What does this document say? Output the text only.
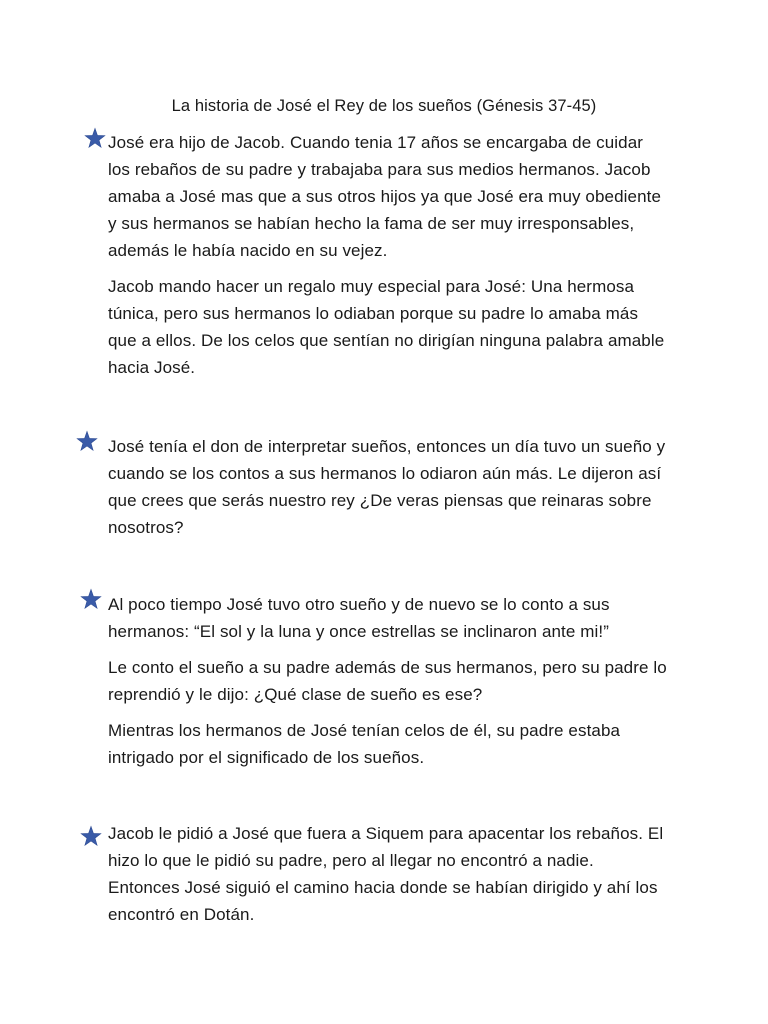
La historia de José el Rey de los sueños (Génesis 37-45)

José era hijo de Jacob. Cuando tenia 17 años se encargaba de cuidar los rebaños de su padre y trabajaba para sus medios hermanos. Jacob amaba a José mas que a sus otros hijos ya que José era muy obediente y sus hermanos se habían hecho la fama de ser muy irresponsables, además le había nacido en su vejez.

Jacob mando hacer un regalo muy especial para José: Una hermosa túnica, pero sus hermanos lo odiaban porque su padre lo amaba más que a ellos. De los celos que sentían no dirigían ninguna palabra amable hacia José.

José tenía el don de interpretar sueños, entonces un día tuvo un sueño y cuando se los contos a sus hermanos lo odiaron aún más. Le dijeron así que crees que serás nuestro rey ¿De veras piensas que reinaras sobre nosotros?

Al poco tiempo José tuvo otro sueño y de nuevo se lo conto a sus hermanos: “El sol y la luna y once estrellas se inclinaron ante mi!”

Le conto el sueño a su padre además de sus hermanos, pero su padre lo reprendió y le dijo: ¿Qué clase de sueño es ese?

Mientras los hermanos de José tenían celos de él, su padre estaba intrigado por el significado de los sueños.

Jacob le pidió a José que fuera a Siquem para apacentar los rebaños. El hizo lo que le pidió su padre, pero al llegar no encontró a nadie. Entonces José siguió el camino hacia donde se habían dirigido y ahí los encontró en Dotán.
